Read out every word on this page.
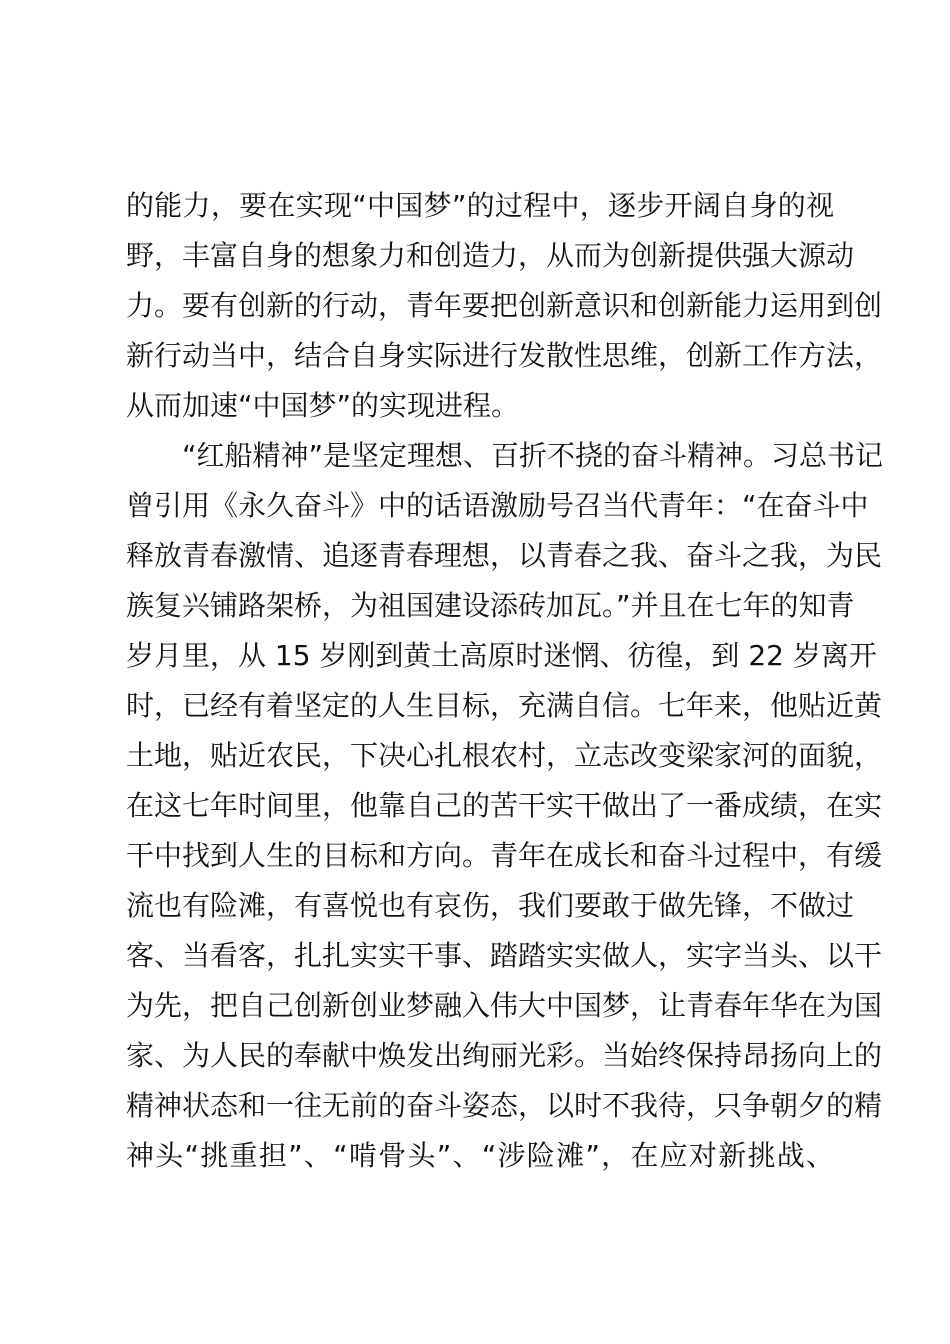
的能力，要在实现“中国梦”的过程中，逐步开阔自身的视
野，丰富自身的想象力和创造力，从而为创新提供强大源动
力。要有创新的行动，青年要把创新意识和创新能力运用到创
新行动当中，结合自身实际进行发散性思维，创新工作方法，
从而加速“中国梦”的实现进程。
“红船精神”是坚定理想、百折不挠的奋斗精神。习总书记
曾引用《永久奋斗》中的话语激励号召当代青年：“在奋斗中
释放青春激情、追逐青春理想，以青春之我、奋斗之我，为民
族复兴铺路架桥，为祖国建设添砖加瓦。”并且在七年的知青
岁月里，从 15 岁刚到黄土高原时迷惘、彷徨，到 22 岁离开
时，已经有着坚定的人生目标，充满自信。七年来，他贴近黄
土地，贴近农民，下决心扎根农村，立志改变梁家河的面貌，
在这七年时间里，他靠自己的苦干实干做出了一番成绩，在实
干中找到人生的目标和方向。青年在成长和奋斗过程中，有缓
流也有险滩，有喜悦也有哀伤，我们要敢于做先锋，不做过
客、当看客，扎扎实实干事、踏踏实实做人，实字当头、以干
为先，把自己创新创业梦融入伟大中国梦，让青春年华在为国
家、为人民的奉献中焕发出绚丽光彩。当始终保持昂扬向上的
精神状态和一往无前的奋斗姿态，以时不我待，只争朝夕的精
神头“挑重担”、“啃骨头”、“涉险滩”，在应对新挑战、
